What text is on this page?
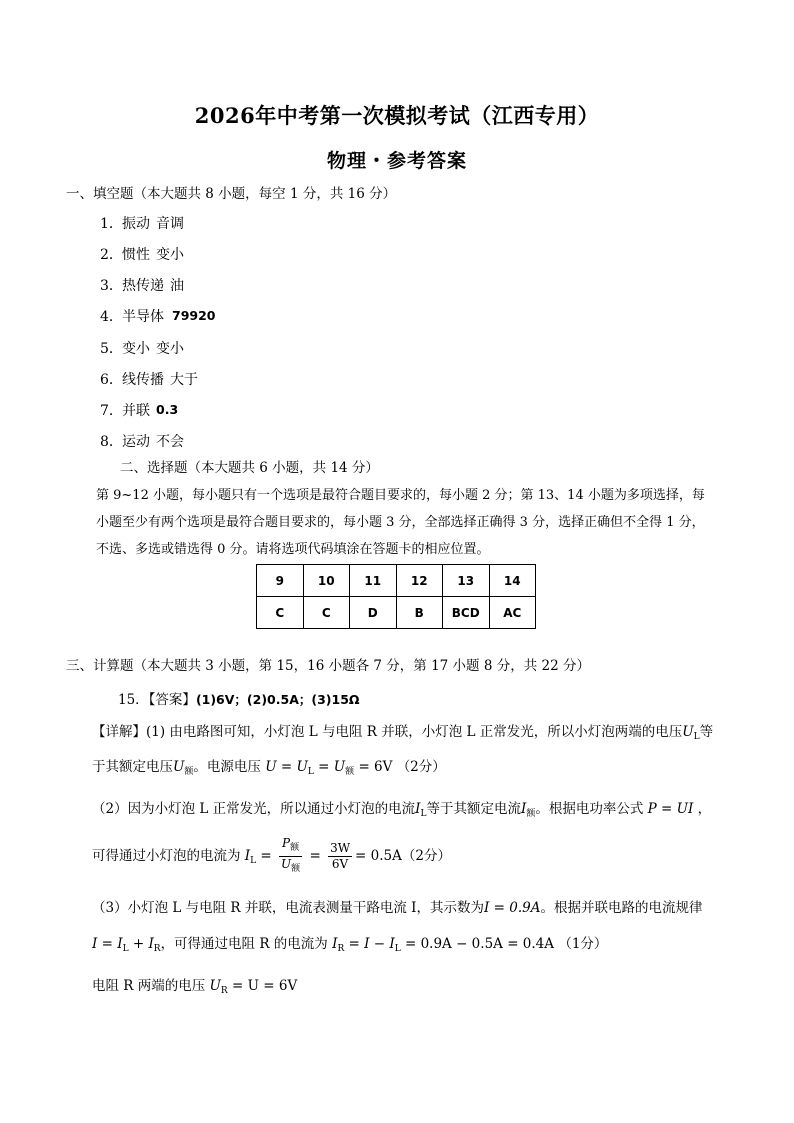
2026年中考第一次模拟考试（江西专用）
物理・参考答案
一、填空题（本大题共 8 小题，每空 1 分，共 16 分）
1．振动 音调
2．惯性 变小
3．热传递 油
4．半导体 79920
5．变小 变小
6．线传播 大于
7．并联 0.3
8．运动 不会
二、选择题（本大题共 6 小题，共 14 分）
第 9~12 小题，每小题只有一个选项是最符合题目要求的，每小题 2 分；第 13、14 小题为多项选择，每
小题至少有两个选项是最符合题目要求的，每小题 3 分，全部选择正确得 3 分，选择正确但不全得 1 分，
不选、多选或错选得 0 分。请将选项代码填涂在答题卡的相应位置。
9	10	11	12	13	14
C	C	D	B	BCD	AC
三、计算题（本大题共 3 小题，第 15，16 小题各 7 分，第 17 小题 8 分，共 22 分）
15．【答案】(1)6V；(2)0.5A；(3)15Ω
【详解】(1) 由电路图可知，小灯泡 L 与电阻 R 并联，小灯泡 L 正常发光，所以小灯泡两端的电压$U_L$等
于其额定电压$U_额$。电源电压 $U = U_L = U_额 = 6V$ （2分）
（2）因为小灯泡 L 正常发光，所以通过小灯泡的电流$I_L$等于其额定电流$I_额$。根据电功率公式 P = UI ，
可得通过小灯泡的电流为 $I_L = \frac{P_额}{U_额} = \frac{3W}{6V} = 0.5A(2$分）
（3）小灯泡 L 与电阻 R 并联，电流表测量干路电流 I，其示数为I = 0.9A。根据并联电路的电流规律
$I = I_L + I_R$，可得通过电阻 R 的电流为 $I_R = I - I_L = 0.9A - 0.5A = 0.4A$ （1分）
电阻 R 两端的电压 $U_R = U = 6V$
